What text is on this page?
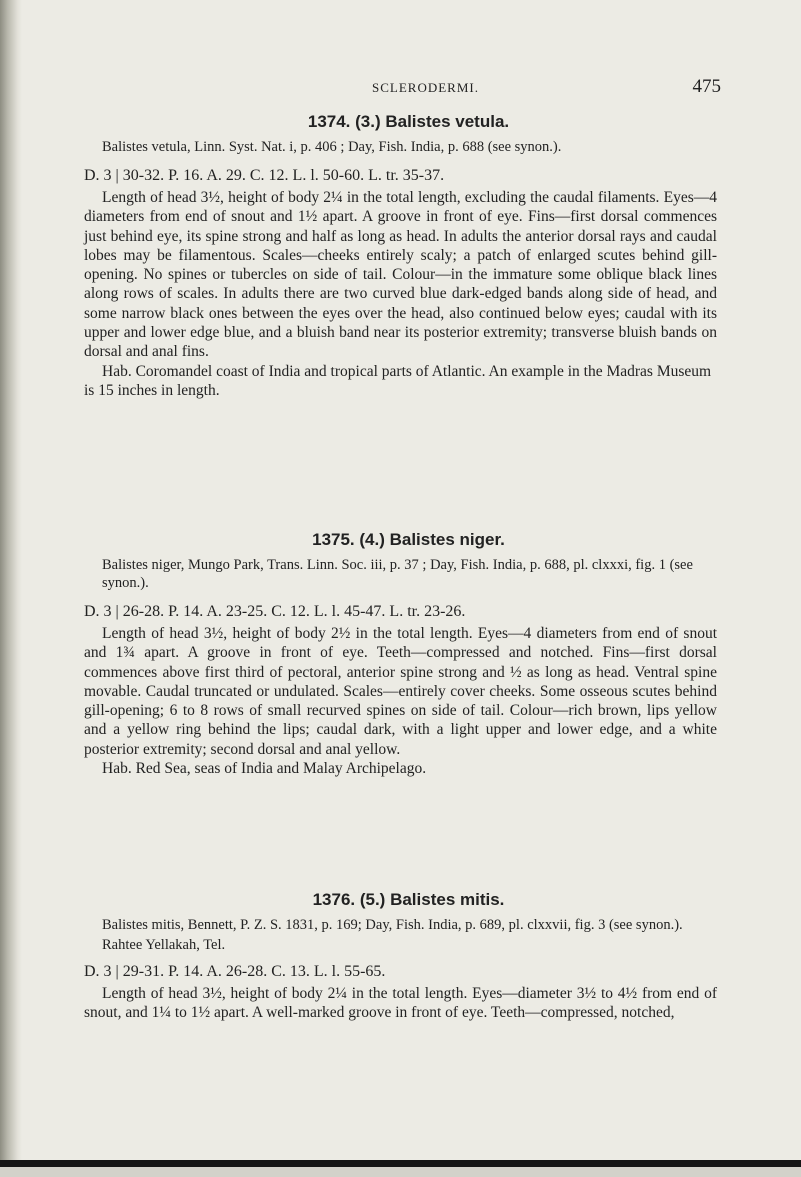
SCLERODERMI.	475
1374. (3.) Balistes vetula.
Balistes vetula, Linn. Syst. Nat. i, p. 406 ; Day, Fish. India, p. 688 (see synon.).
D. 3 | 30-32. P. 16. A. 29. C. 12. L. l. 50-60. L. tr. 35-37.

Length of head 3½, height of body 2¼ in the total length, excluding the caudal filaments. Eyes—4 diameters from end of snout and 1½ apart. A groove in front of eye. Fins—first dorsal commences just behind eye, its spine strong and half as long as head. In adults the anterior dorsal rays and caudal lobes may be filamentous. Scales—cheeks entirely scaly; a patch of enlarged scutes behind gill-opening. No spines or tubercles on side of tail. Colour—in the immature some oblique black lines along rows of scales. In adults there are two curved blue dark-edged bands along side of head, and some narrow black ones between the eyes over the head, also continued below eyes; caudal with its upper and lower edge blue, and a bluish band near its posterior extremity; transverse bluish bands on dorsal and anal fins.

Hab. Coromandel coast of India and tropical parts of Atlantic. An example in the Madras Museum is 15 inches in length.

1375. (4.) Balistes niger.
Balistes niger, Mungo Park, Trans. Linn. Soc. iii, p. 37 ; Day, Fish. India, p. 688, pl. clxxxi, fig. 1 (see synon.).
D. 3 | 26-28. P. 14. A. 23-25. C. 12. L. l. 45-47. L. tr. 23-26.

Length of head 3½, height of body 2½ in the total length. Eyes—4 diameters from end of snout and 1¾ apart. A groove in front of eye. Teeth—compressed and notched. Fins—first dorsal commences above first third of pectoral, anterior spine strong and ½ as long as head. Ventral spine movable. Caudal truncated or undulated. Scales—entirely cover cheeks. Some osseous scutes behind gill-opening; 6 to 8 rows of small recurved spines on side of tail. Colour—rich brown, lips yellow and a yellow ring behind the lips; caudal dark, with a light upper and lower edge, and a white posterior extremity; second dorsal and anal yellow.

Hab. Red Sea, seas of India and Malay Archipelago.

1376. (5.) Balistes mitis.
Balistes mitis, Bennett, P. Z. S. 1831, p. 169; Day, Fish. India, p. 689, pl. clxxvii, fig. 3 (see synon.).
Rahtee Yellakah, Tel.
D. 3 | 29-31. P. 14. A. 26-28. C. 13. L. l. 55-65.

Length of head 3½, height of body 2¼ in the total length. Eyes—diameter 3½ to 4½ from end of snout, and 1¼ to 1½ apart. A well-marked groove in front of eye. Teeth—compressed, notched,
